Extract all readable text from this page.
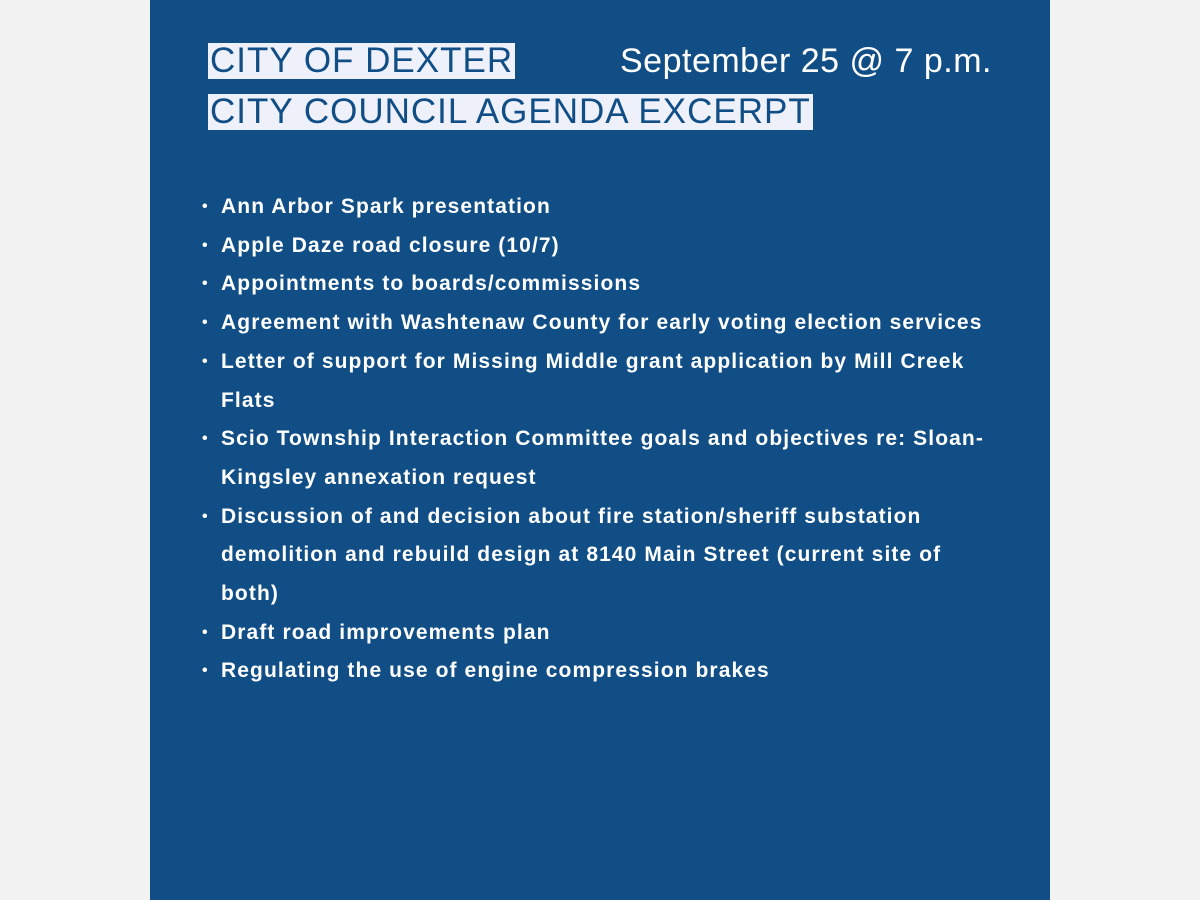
CITY OF DEXTER
CITY COUNCIL AGENDA EXCERPT
September 25 @ 7 p.m.
• Ann Arbor Spark presentation
• Apple Daze road closure (10/7)
• Appointments to boards/commissions
• Agreement with Washtenaw County for early voting election services
• Letter of support for Missing Middle grant application by Mill Creek Flats
• Scio Township Interaction Committee goals and objectives re: Sloan-Kingsley annexation request
• Discussion of and decision about fire station/sheriff substation demolition and rebuild design at 8140 Main Street (current site of both)
• Draft road improvements plan
• Regulating the use of engine compression brakes
